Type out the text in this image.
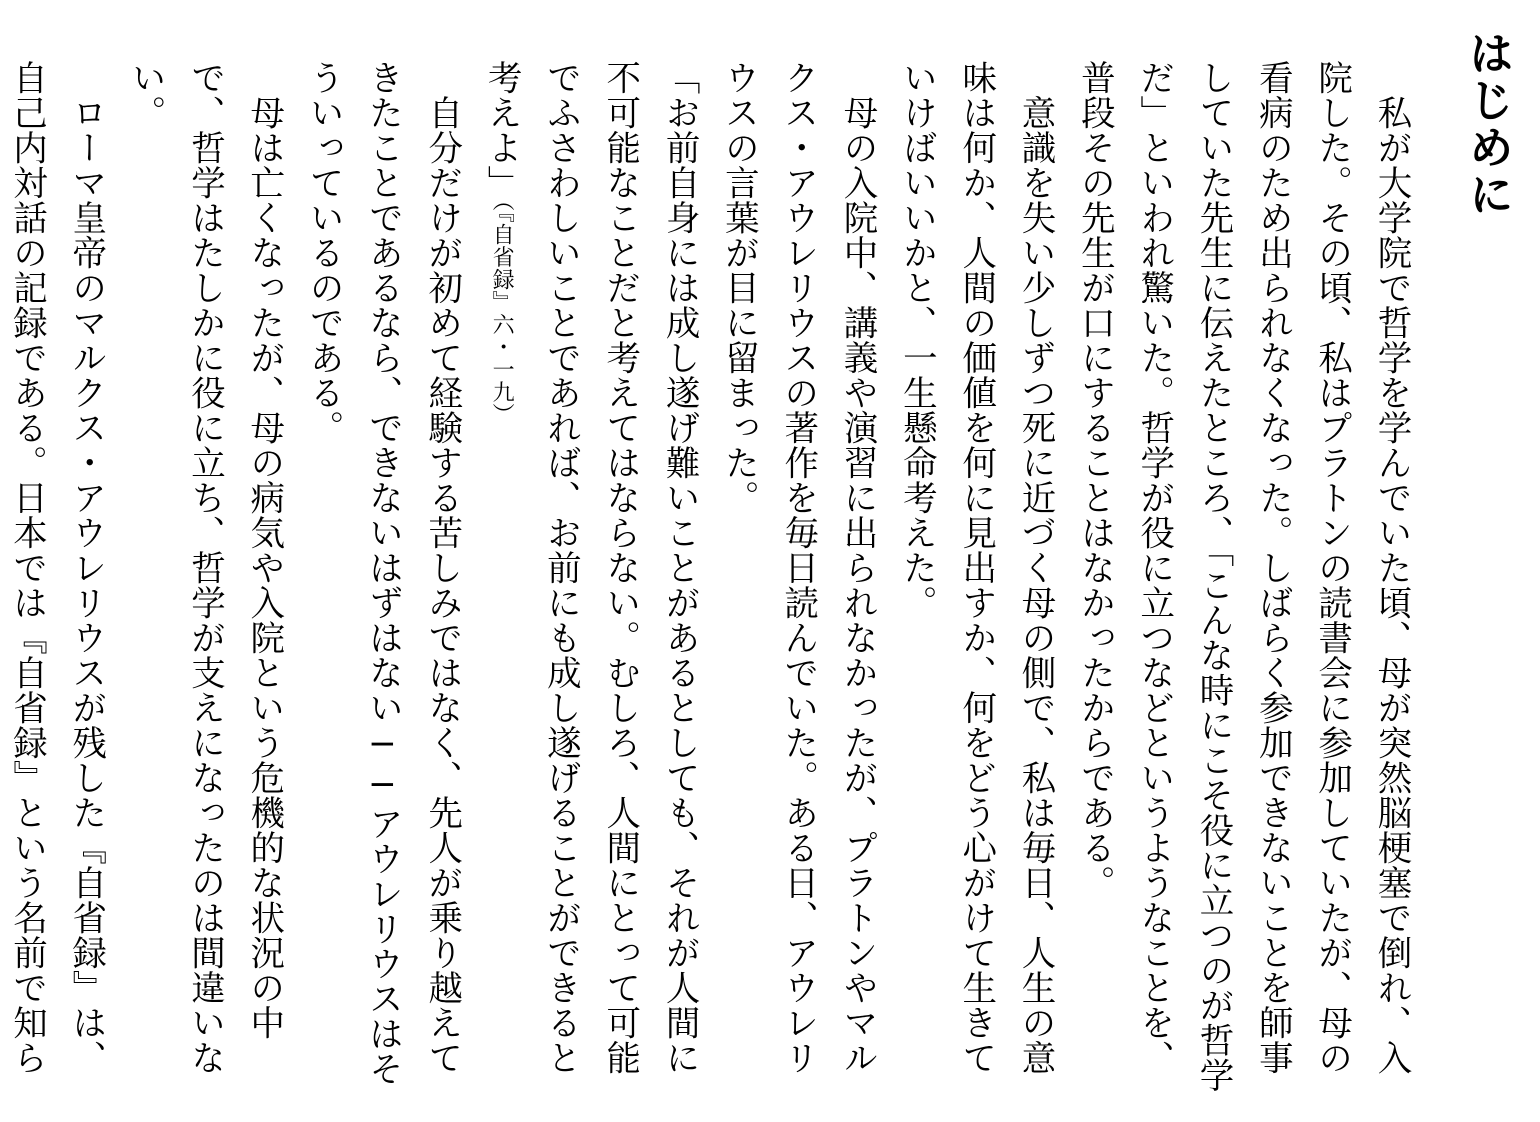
はじめに

私が大学院で哲学を学んでいた頃、母が突然脳梗塞で倒れ、入院した。その頃、私はプラトンの読書会に参加していたが、母の看病のため出られなくなった。しばらく参加できないことを師事していた先生に伝えたところ、「こんな時にこそ役に立つのが哲学だ」といわれ驚いた。哲学が役に立つなどというようなことを、普段その先生が口にすることはなかったからである。

意識を失い少しずつ死に近づく母の側で、私は毎日、人生の意味は何か、人間の価値を何に見出すか、何をどう心がけて生きていけばいいかと、一生懸命考えた。

母の入院中、講義や演習に出られなかったが、プラトンやマルクス・アウレリウスの著作を毎日読んでいた。ある日、アウレリウスの言葉が目に留まった。

「お前自身には成し遂げ難いことがあるとしても、それが人間に不可能なことだと考えてはならない。むしろ、人間にとって可能でふさわしいことであれば、お前にも成し遂げることができると考えよ」（『自省録』六・一九）

自分だけが初めて経験する苦しみではなく、先人が乗り越えてきたことであるなら、できないはずはない──アウレリウスはそういっているのである。

母は亡くなったが、母の病気や入院という危機的な状況の中で、哲学はたしかに役に立ち、哲学が支えになったのは間違いない。

ローマ皇帝のマルクス・アウレリウスが残した『自省録』は、自己内対話の記録である。日本では『自省録』という名前で知ら
